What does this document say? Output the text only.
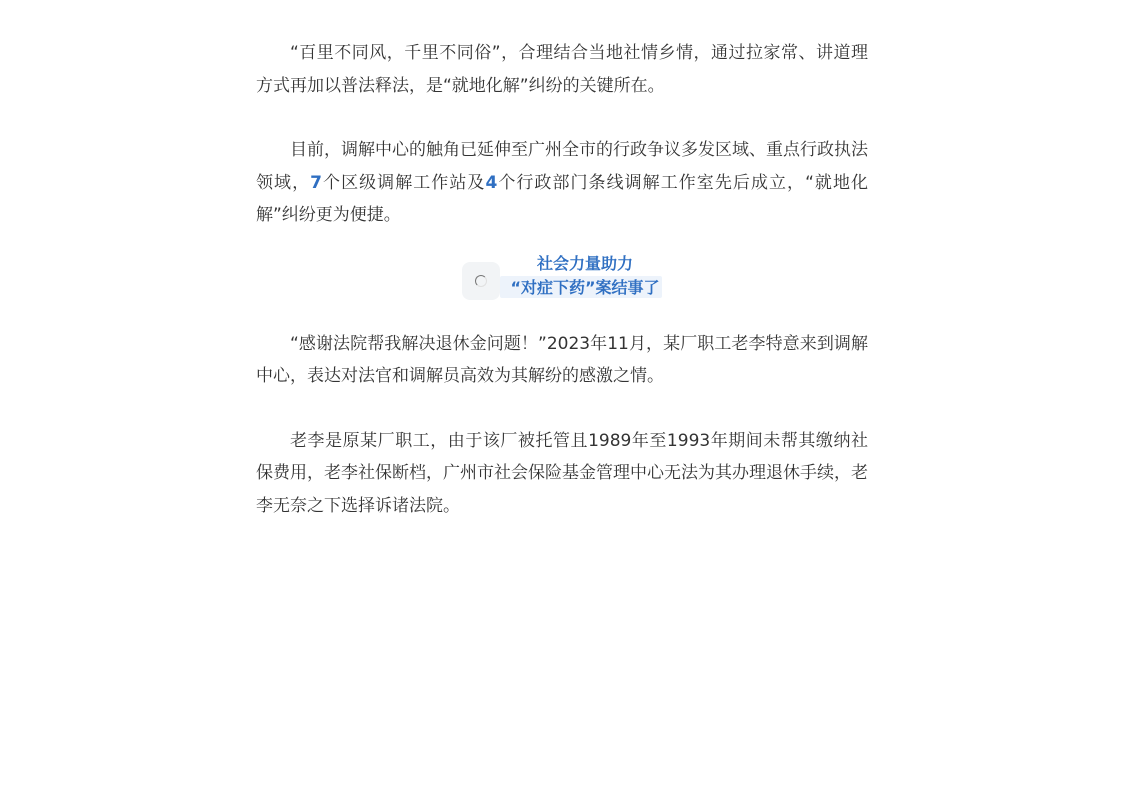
“百里不同风，千里不同俗”，合理结合当地社情乡情，通过拉家常、讲道理方式再加以普法释法，是“就地化解”纠纷的关键所在。

目前，调解中心的触角已延伸至广州全市的行政争议多发区域、重点行政执法领域，7个区级调解工作站及4个行政部门条线调解工作室先后成立，“就地化解”纠纷更为便捷。

社会力量助力
“对症下药”案结事了

“感谢法院帮我解决退休金问题！”2023年11月，某厂职工老李特意来到调解中心，表达对法官和调解员高效为其解纷的感激之情。

老李是原某厂职工，由于该厂被托管且1989年至1993年期间未帮其缴纳社保费用，老李社保断档，广州市社会保险基金管理中心无法为其办理退休手续，老李无奈之下选择诉诸法院。
